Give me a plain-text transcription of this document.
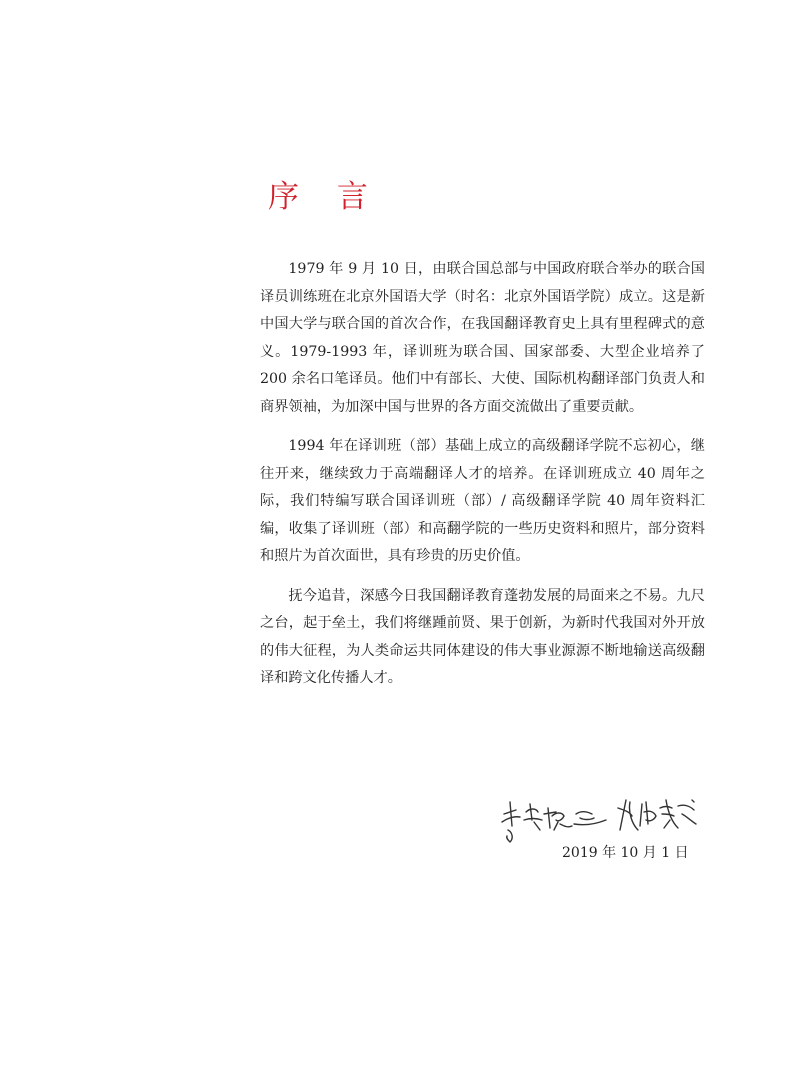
序 言

1979 年 9 月 10 日，由联合国总部与中国政府联合举办的联合国译员训练班在北京外国语大学（时名：北京外国语学院）成立。这是新中国大学与联合国的首次合作，在我国翻译教育史上具有里程碑式的意义。1979-1993 年，译训班为联合国、国家部委、大型企业培养了 200 余名口笔译员。他们中有部长、大使、国际机构翻译部门负责人和商界领袖，为加深中国与世界的各方面交流做出了重要贡献。

1994 年在译训班（部）基础上成立的高级翻译学院不忘初心，继往开来，继续致力于高端翻译人才的培养。在译训班成立 40 周年之际，我们特编写联合国译训班（部）/ 高级翻译学院 40 周年资料汇编，收集了译训班（部）和高翻学院的一些历史资料和照片，部分资料和照片为首次面世，具有珍贵的历史价值。

抚今追昔，深感今日我国翻译教育蓬勃发展的局面来之不易。九尺之台，起于垒土，我们将继踵前贤、果于创新，为新时代我国对外开放的伟大征程，为人类命运共同体建设的伟大事业源源不断地输送高级翻译和跨文化传播人才。

2019 年 10 月 1 日
